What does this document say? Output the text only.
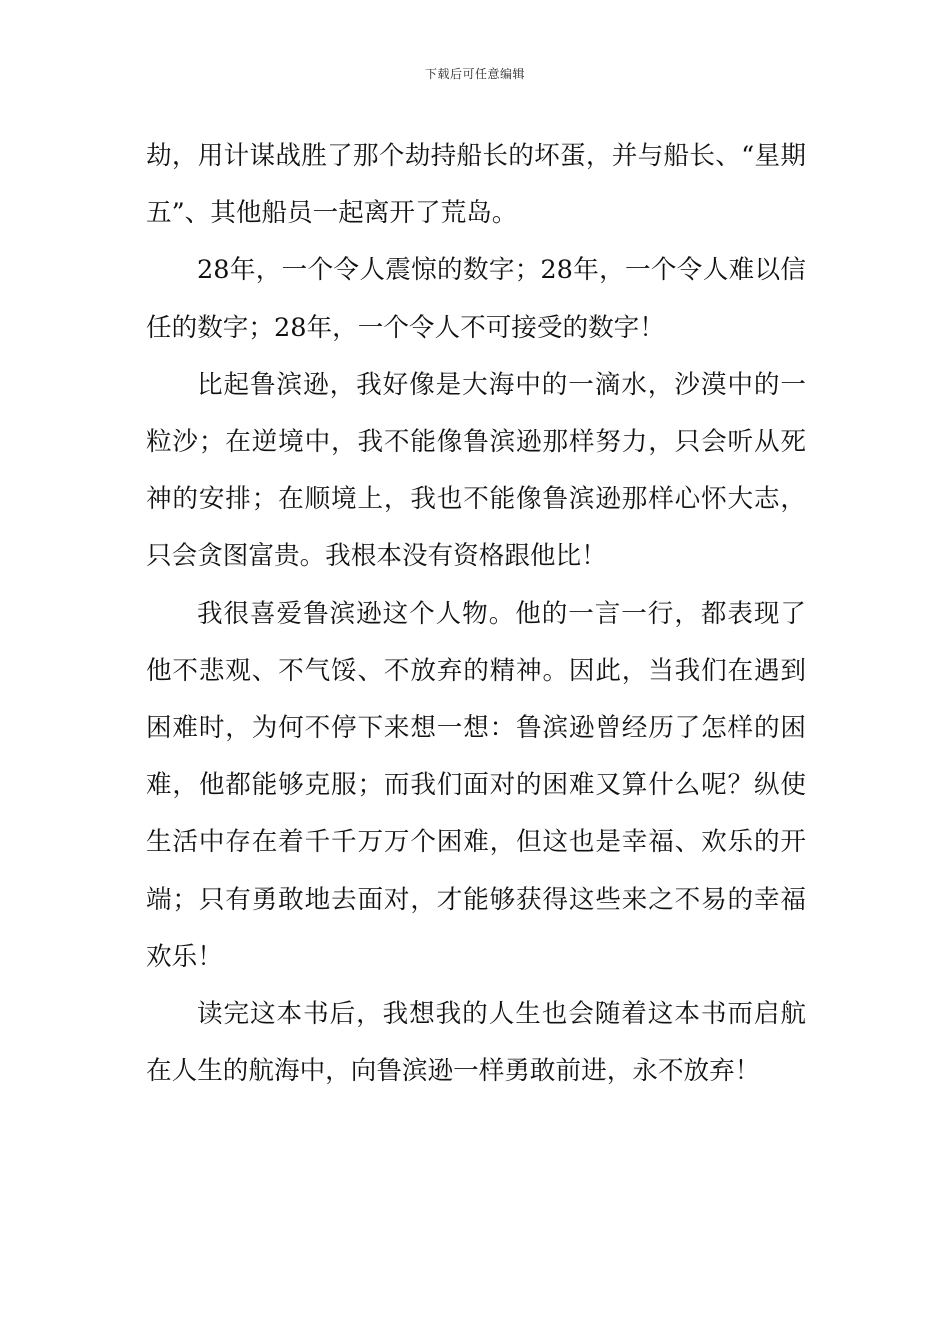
下载后可任意编辑

劫，用计谋战胜了那个劫持船长的坏蛋，并与船长、“星期五”、其他船员一起离开了荒岛。

28年，一个令人震惊的数字；28年，一个令人难以信任的数字；28年，一个令人不可接受的数字！

比起鲁滨逊，我好像是大海中的一滴水，沙漠中的一粒沙；在逆境中，我不能像鲁滨逊那样努力，只会听从死神的安排；在顺境上，我也不能像鲁滨逊那样心怀大志，只会贪图富贵。我根本没有资格跟他比！

我很喜爱鲁滨逊这个人物。他的一言一行，都表现了他不悲观、不气馁、不放弃的精神。因此，当我们在遇到困难时，为何不停下来想一想：鲁滨逊曾经历了怎样的困难，他都能够克服；而我们面对的困难又算什么呢？纵使生活中存在着千千万万个困难，但这也是幸福、欢乐的开端；只有勇敢地去面对，才能够获得这些来之不易的幸福欢乐！

读完这本书后，我想我的人生也会随着这本书而启航在人生的航海中，向鲁滨逊一样勇敢前进，永不放弃！
